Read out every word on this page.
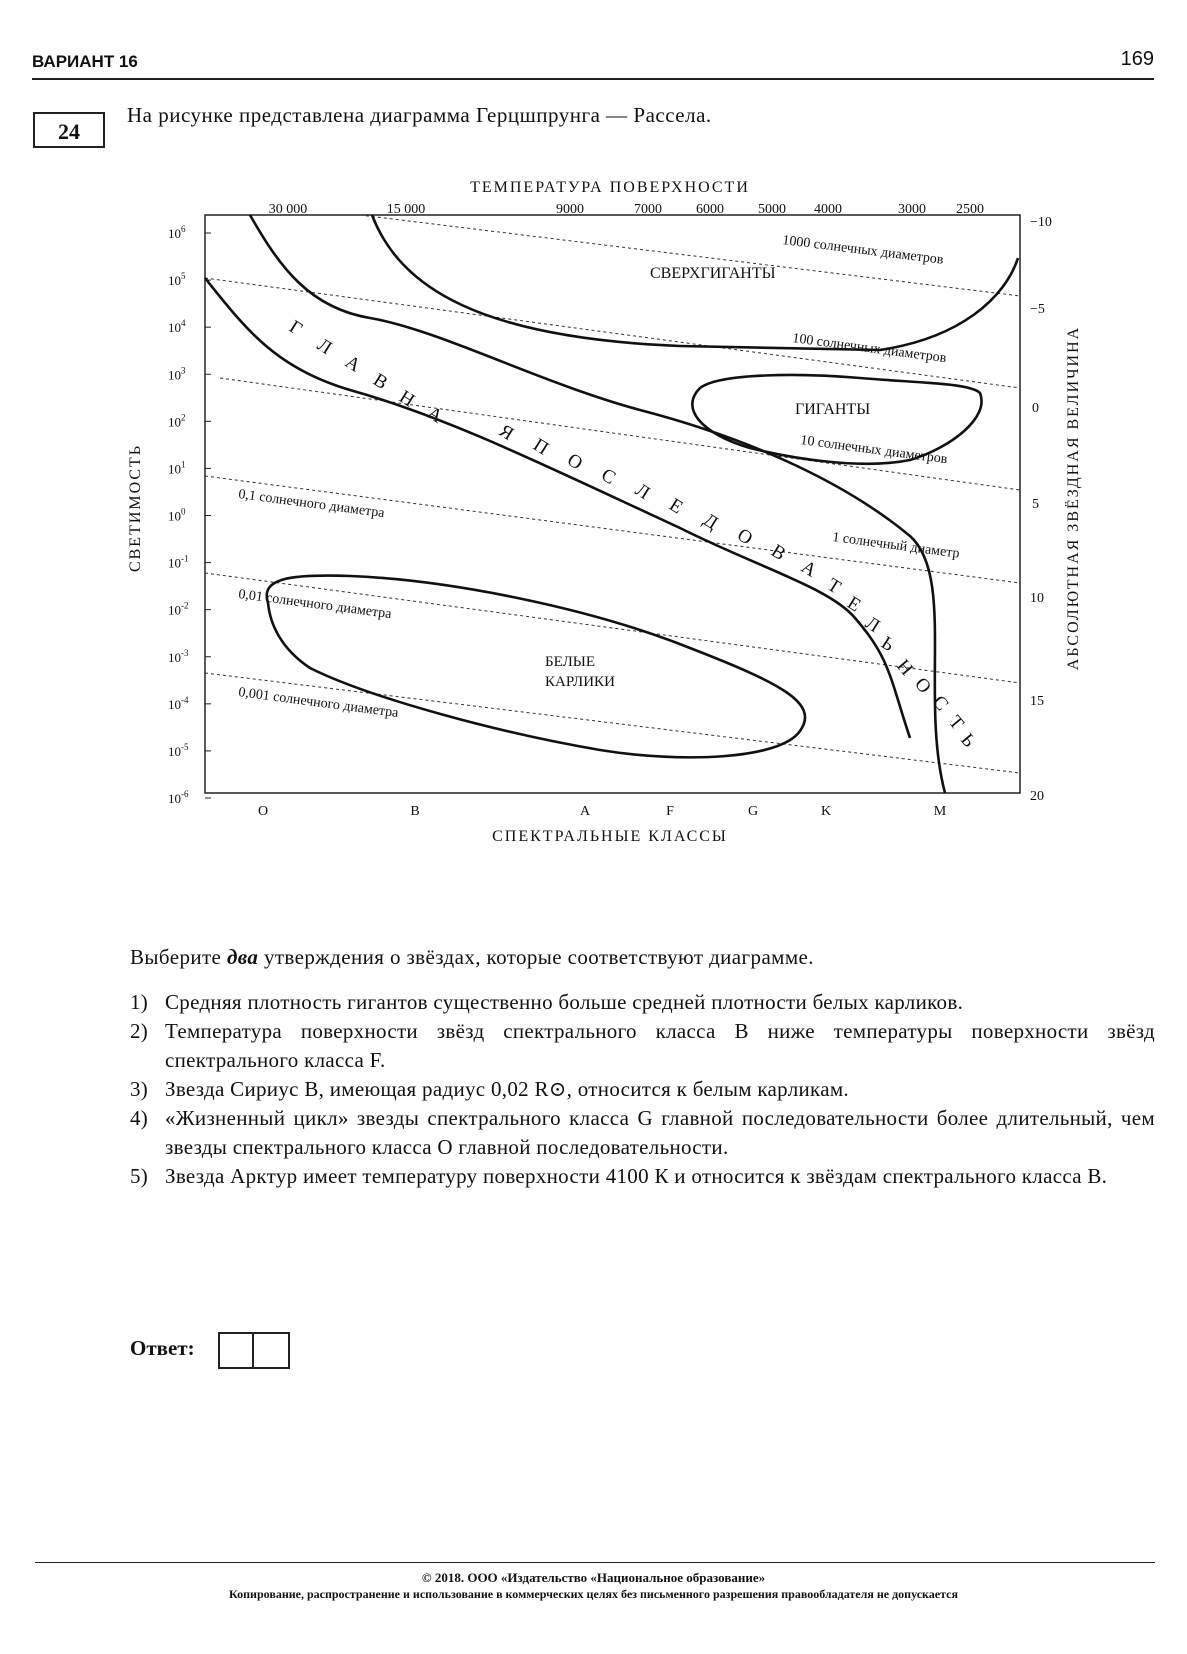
ВАРИАНТ 16	169
24
На рисунке представлена диаграмма Герцшпрунга — Рассела.
ТЕМПЕРАТУРА ПОВЕРХНОСТИ
СПЕКТРАЛЬНЫЕ КЛАССЫ
СВЕТИМОСТЬ	АБСОЛЮТНАЯ ЗВЁЗДНАЯ ВЕЛИЧИНА
30 000	15 000	9000	7000 6000 5000 4000	3000 2500
$10^6$
$10^5$
$10^4$
$10^3$
$10^2$
$10^1$
$10^0$
$10^{-1}$
$10^{-2}$
$10^{-3}$
$10^{-4}$
$10^{-5}$
$10^{-6}$
−10
−5
0
5
10
15
20
O	B	A	F	G	K	M
СВЕРХГИГАНТЫ
ГИГАНТЫ
БЕЛЫЕ
КАРЛИКИ
1000 солнечных диаметров
100 солнечных диаметров
10 солнечных диаметров
1 солнечный диаметр
0,1 солнечного диаметра
0,01 солнечного диаметра
0,001 солнечного диаметра
Г
Л
А
В
Н
А
Я
П
О
С
Л
Е
Д
О
В
А
Т
Е
Л
Ь
Н
О
С
Т
Ь
Выберите два утверждения о звёздах, которые соответствуют диаграмме.
1) Средняя плотность гигантов существенно больше средней плотности белых карликов.
2) Температура поверхности звёзд спектрального класса В ниже температуры поверхности звёзд спектрального класса F.
3) Звезда Сириус В, имеющая радиус 0,02 R⊙, относится к белым карликам.
4) «Жизненный цикл» звезды спектрального класса G главной последовательности более длительный, чем звезды спектрального класса О главной последовательности.
5) Звезда Арктур имеет температуру поверхности 4100 К и относится к звёздам спектрального класса В.
Ответ:
© 2018. ООО «Издательство «Национальное образование»
Копирование, распространение и использование в коммерческих целях без письменного разрешения правообладателя не допускается
